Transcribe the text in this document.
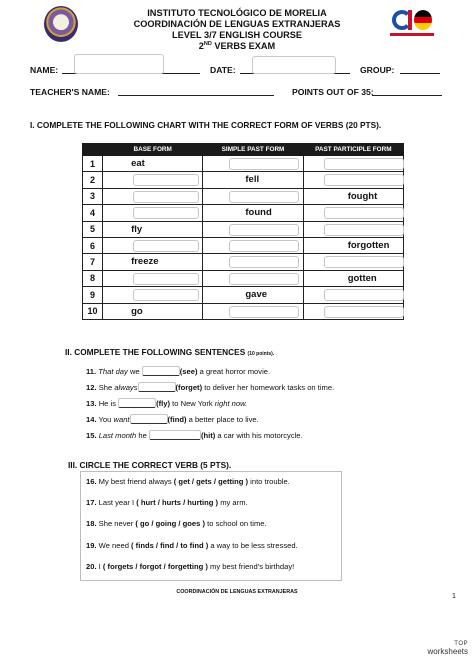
INSTITUTO TECNOLÓGICO DE MORELIA
COORDINACIÓN DE LENGUAS EXTRANJERAS
LEVEL 3/7 ENGLISH COURSE
2ND VERBS EXAM
NAME:	DATE:	GROUP:
TEACHER'S NAME:	POINTS OUT OF 35:
I. COMPLETE THE FOLLOWING CHART WITH THE CORRECT FORM OF VERBS (20 PTS).
	BASE FORM	SIMPLE PAST FORM	PAST PARTICIPLE FORM
1	eat		

2		fell	

3			fought

4		found	

5	fly		

6			forgotten

7	freeze		

8			gotten

9		gave	

10	go		

II. COMPLETE THE FOLLOWING SENTENCES (10 points).
11. That day we	(see) a great horror movie.
12. She always	(forget) to deliver her homework tasks on time.
13. He is	(fly) to New York right now.
14. You want	(find) a better place to live.
15. Last month he	(hit) a car with his motorcycle.
III. CIRCLE THE CORRECT VERB (5 PTS).
16. My best friend always ( get / gets / getting ) into trouble.
17. Last year I ( hurt / hurts / hurting ) my arm.
18. She never ( go / going / goes ) to school on time.
19. We need ( finds / find / to find ) a way to be less stressed.
20. I ( forgets / forgot / forgetting ) my best friend's birthday!
COORDINACIÓN DE LENGUAS EXTRANJERAS
1
TOP
worksheets
